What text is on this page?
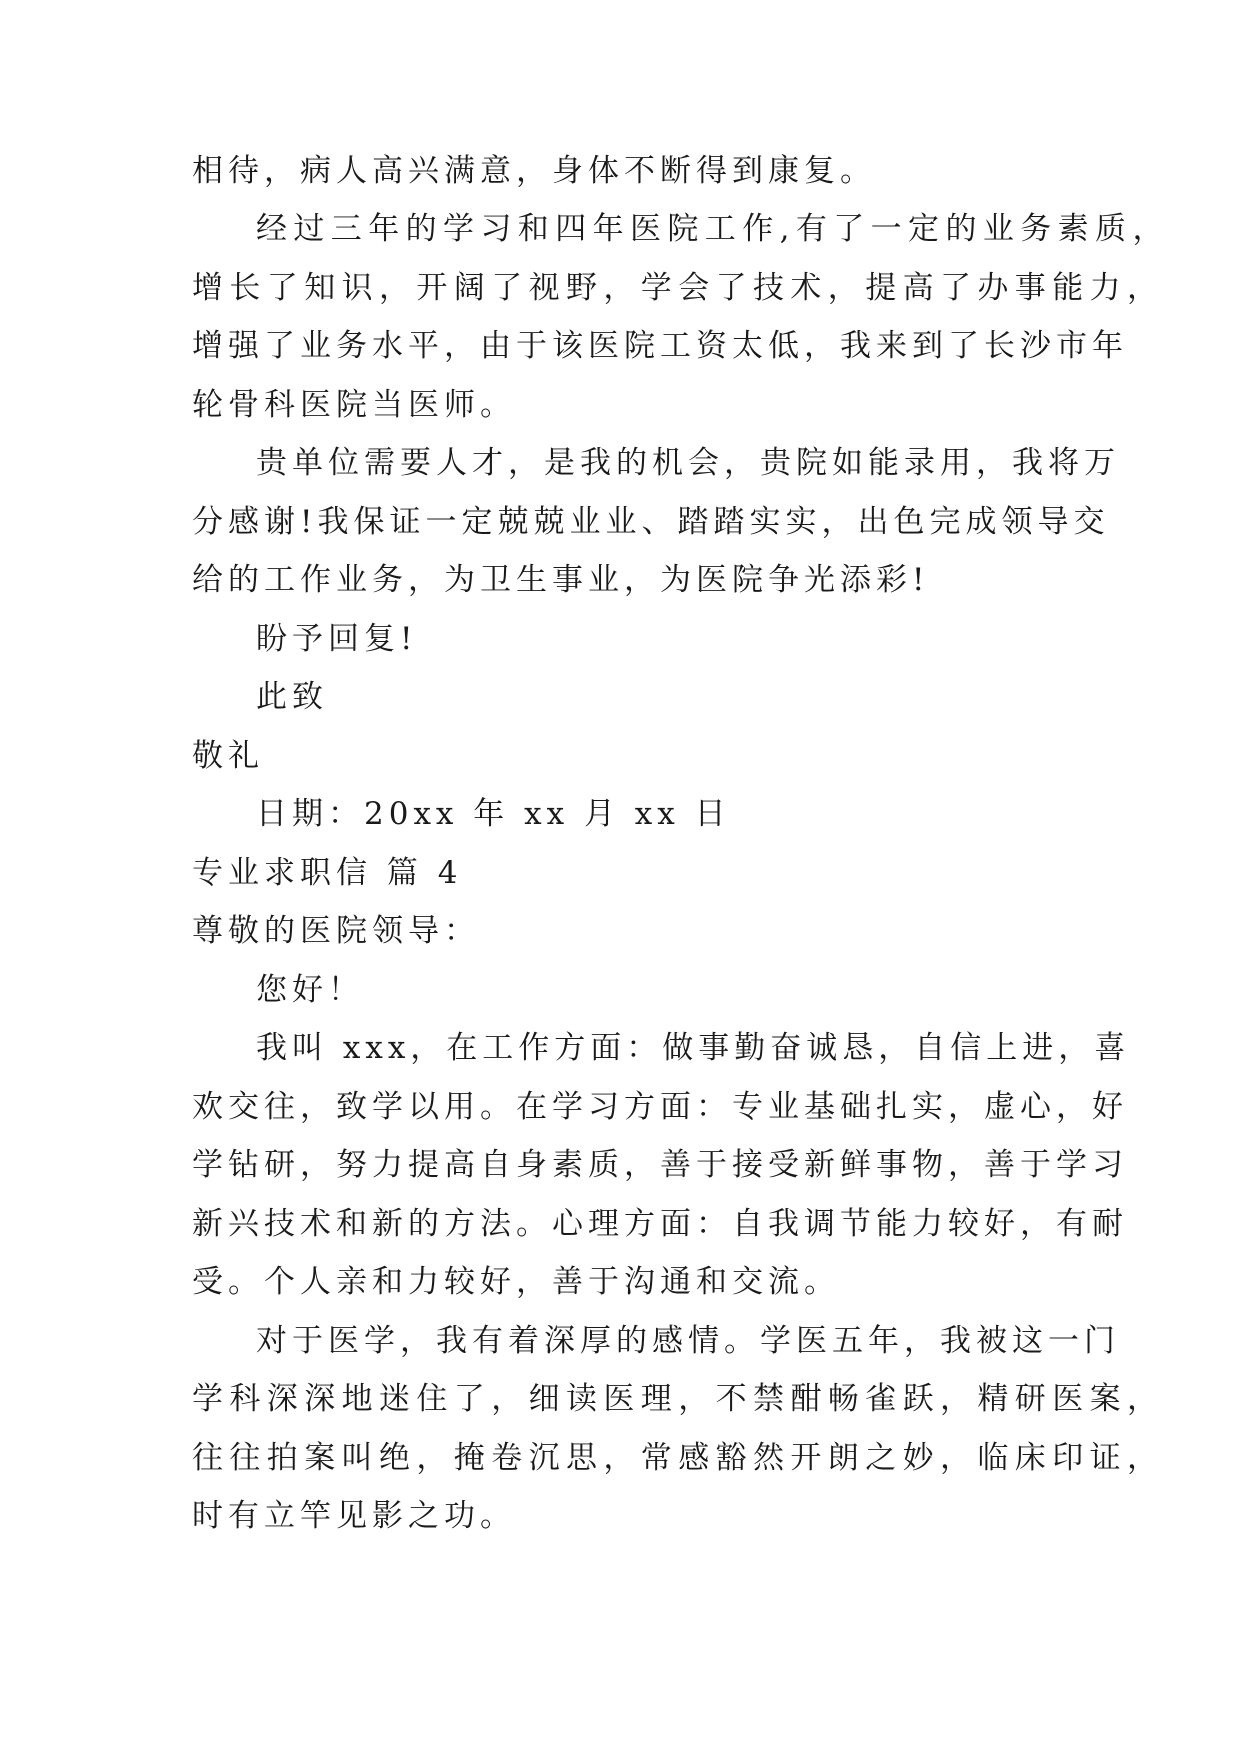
相待，病人高兴满意，身体不断得到康复。
经过三年的学习和四年医院工作,有了一定的业务素质，
增长了知识，开阔了视野，学会了技术，提高了办事能力，
增强了业务水平，由于该医院工资太低，我来到了长沙市年
轮骨科医院当医师。
贵单位需要人才，是我的机会，贵院如能录用，我将万
分感谢!我保证一定兢兢业业、踏踏实实，出色完成领导交
给的工作业务，为卫生事业，为医院争光添彩!
盼予回复!
此致
敬礼
日期：20xx 年 xx 月 xx 日
专业求职信 篇 4
尊敬的医院领导：
您好！
我叫 xxx，在工作方面：做事勤奋诚恳，自信上进，喜
欢交往，致学以用。在学习方面：专业基础扎实，虚心，好
学钻研，努力提高自身素质，善于接受新鲜事物，善于学习
新兴技术和新的方法。心理方面：自我调节能力较好，有耐
受。个人亲和力较好，善于沟通和交流。
对于医学，我有着深厚的感情。学医五年，我被这一门
学科深深地迷住了，细读医理，不禁酣畅雀跃，精研医案，
往往拍案叫绝，掩卷沉思，常感豁然开朗之妙，临床印证，
时有立竿见影之功。
